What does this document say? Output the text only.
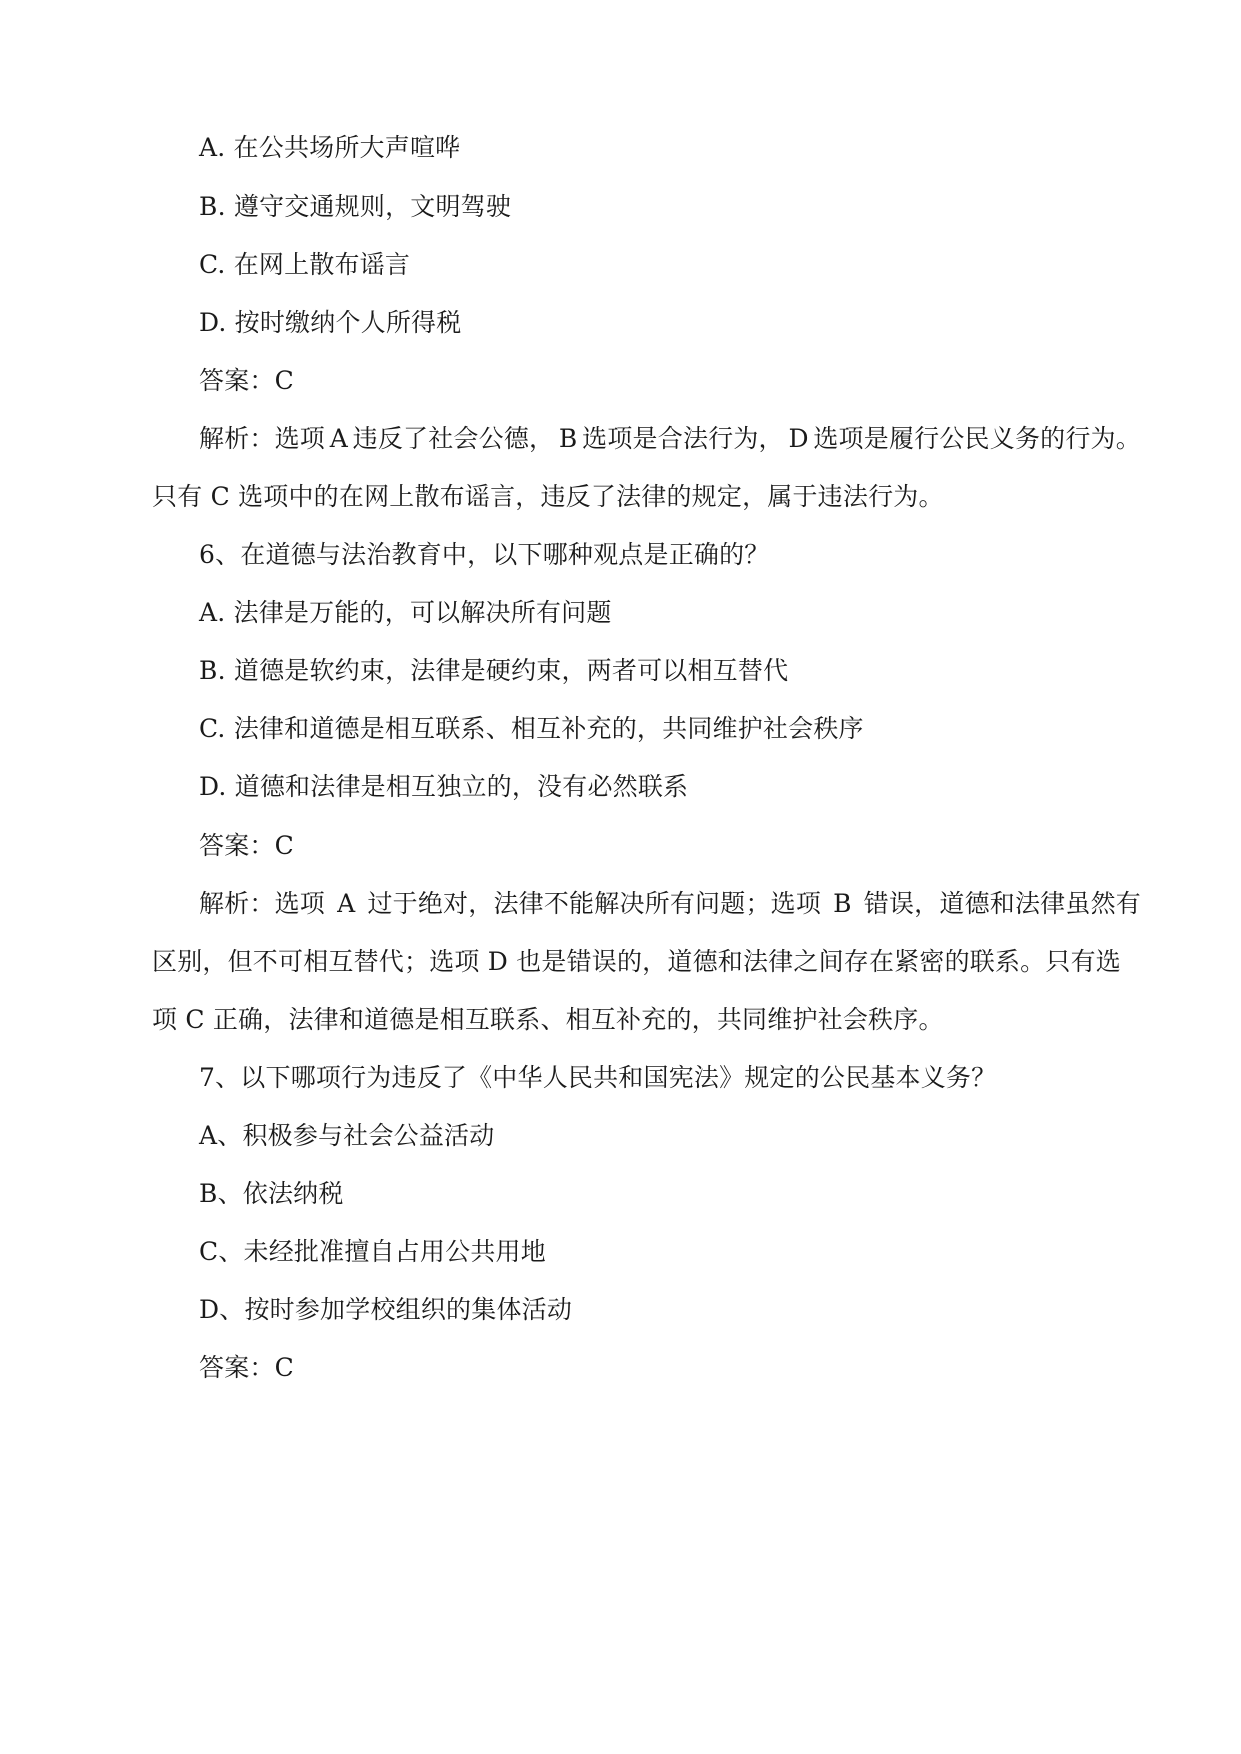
A. 在公共场所大声喧哗
B. 遵守交通规则，文明驾驶
C. 在网上散布谣言
D. 按时缴纳个人所得税
答案：C
解析：选项 A 违反了社会公德， B 选项是合法行为， D 选项是履行公民义务的行为。
只有 C 选项中的在网上散布谣言，违反了法律的规定，属于违法行为。
6、在道德与法治教育中，以下哪种观点是正确的？
A. 法律是万能的，可以解决所有问题
B. 道德是软约束，法律是硬约束，两者可以相互替代
C. 法律和道德是相互联系、相互补充的，共同维护社会秩序
D. 道德和法律是相互独立的，没有必然联系
答案：C
解析：选项 A 过于绝对，法律不能解决所有问题；选项 B 错误，道德和法律虽然有
区别，但不可相互替代；选项 D 也是错误的，道德和法律之间存在紧密的联系。只有选
项 C 正确，法律和道德是相互联系、相互补充的，共同维护社会秩序。
7、以下哪项行为违反了《中华人民共和国宪法》规定的公民基本义务？
A、积极参与社会公益活动
B、依法纳税
C、未经批准擅自占用公共用地
D、按时参加学校组织的集体活动
答案：C
